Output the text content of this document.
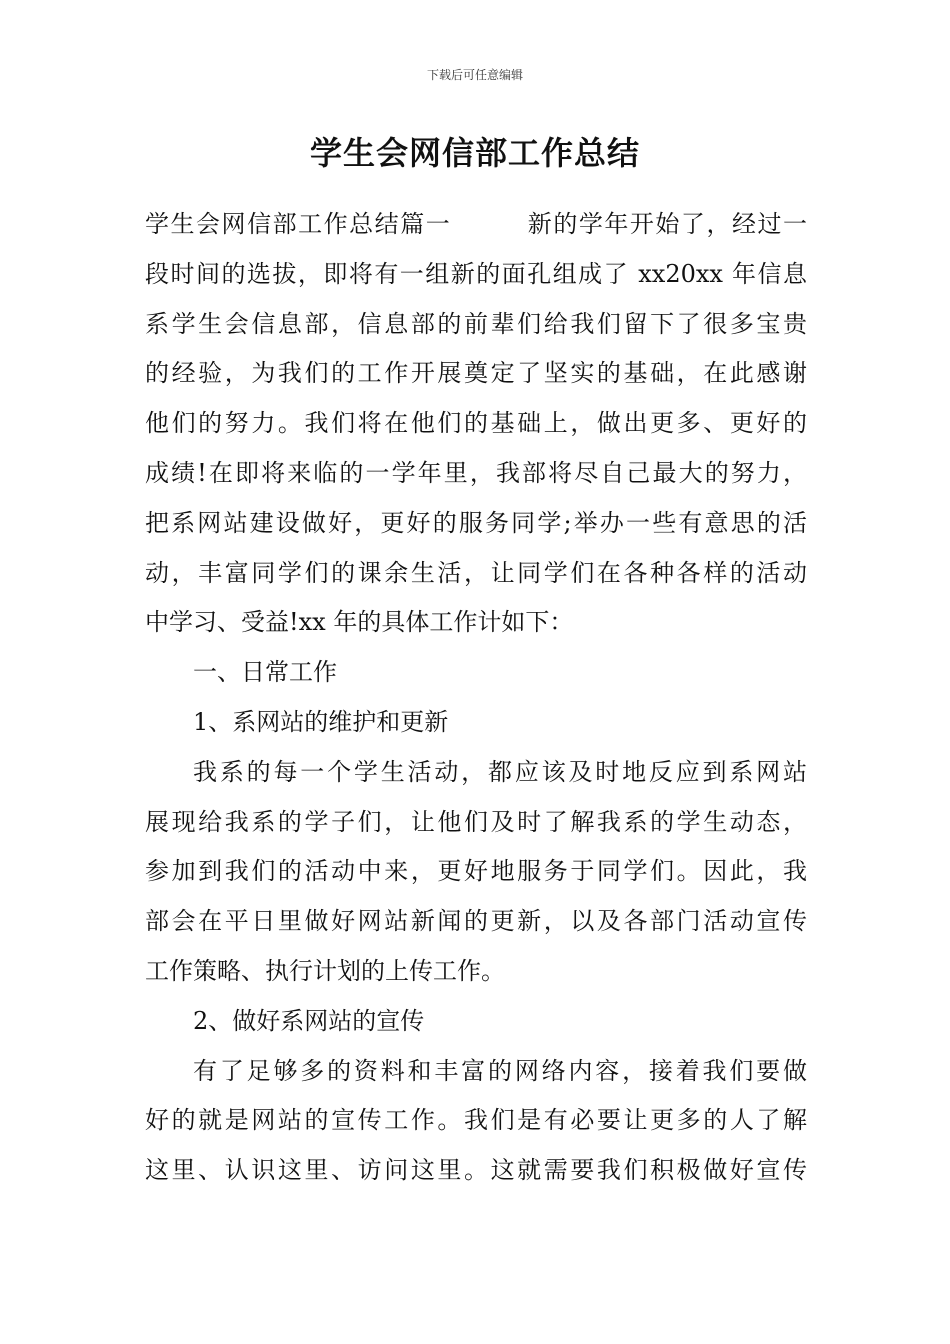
下载后可任意编辑
学生会网信部工作总结
学生会网信部工作总结篇一　　　新的学年开始了，经过一
段时间的选拔，即将有一组新的面孔组成了 xx20xx 年信息
系学生会信息部，信息部的前辈们给我们留下了很多宝贵
的经验，为我们的工作开展奠定了坚实的基础，在此感谢
他们的努力。我们将在他们的基础上，做出更多、更好的
成绩!在即将来临的一学年里，我部将尽自己最大的努力，
把系网站建设做好，更好的服务同学;举办一些有意思的活
动，丰富同学们的课余生活，让同学们在各种各样的活动
中学习、受益!xx 年的具体工作计如下：
一、日常工作
1、系网站的维护和更新
我系的每一个学生活动，都应该及时地反应到系网站
展现给我系的学子们，让他们及时了解我系的学生动态，
参加到我们的活动中来，更好地服务于同学们。因此，我
部会在平日里做好网站新闻的更新，以及各部门活动宣传
工作策略、执行计划的上传工作。
2、做好系网站的宣传
有了足够多的资料和丰富的网络内容，接着我们要做
好的就是网站的宣传工作。我们是有必要让更多的人了解
这里、认识这里、访问这里。这就需要我们积极做好宣传
